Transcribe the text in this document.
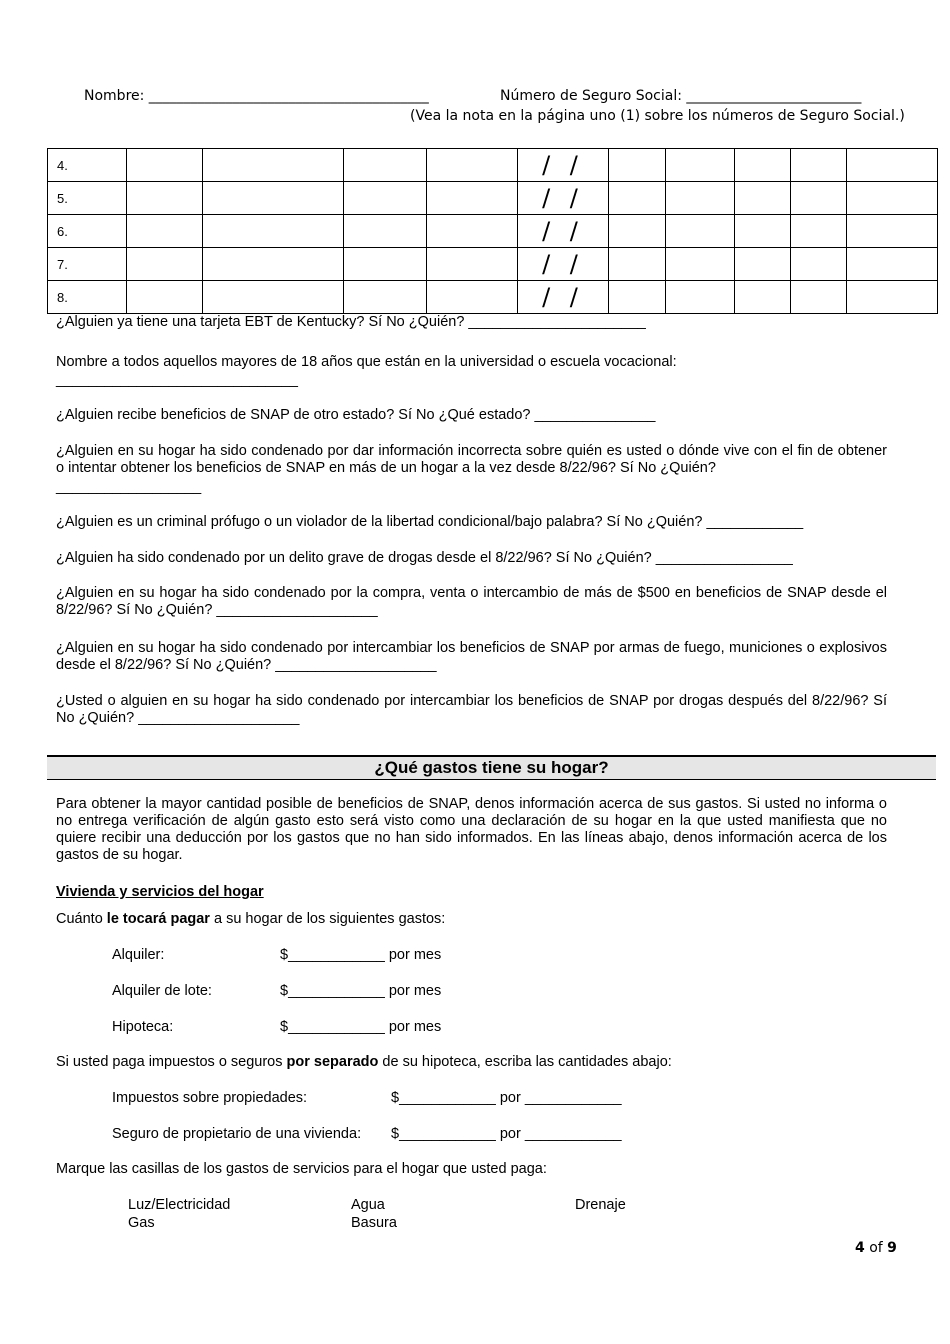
Nombre: ________________________________________	Número de Seguro Social: _________________________
(Vea la nota en la página uno (1) sobre los números de Seguro Social.)
4.					/ /					
5.					/ /					
6.					/ /					
7.					/ /					
8.					/ /					
¿Alguien ya tiene una tarjeta EBT de Kentucky? Sí No ¿Quién? ______________________
Nombre a todos aquellos mayores de 18 años que están en la universidad o escuela vocacional:
______________________________
¿Alguien recibe beneficios de SNAP de otro estado? Sí No ¿Qué estado? _______________
¿Alguien en su hogar ha sido condenado por dar información incorrecta sobre quién es usted o dónde vive con el fin de obtener o intentar obtener los beneficios de SNAP en más de un hogar a la vez desde 8/22/96? Sí No ¿Quién?
__________________
¿Alguien es un criminal prófugo o un violador de la libertad condicional/bajo palabra? Sí No ¿Quién? ____________
¿Alguien ha sido condenado por un delito grave de drogas desde el 8/22/96? Sí No ¿Quién? _________________
¿Alguien en su hogar ha sido condenado por la compra, venta o intercambio de más de $500 en beneficios de SNAP desde el 8/22/96? Sí No ¿Quién? ____________________
¿Alguien en su hogar ha sido condenado por intercambiar los beneficios de SNAP por armas de fuego, municiones o explosivos desde el 8/22/96? Sí No ¿Quién? ____________________
¿Usted o alguien en su hogar ha sido condenado por intercambiar los beneficios de SNAP por drogas después del 8/22/96? Sí No ¿Quién? ____________________
¿Qué gastos tiene su hogar?
Para obtener la mayor cantidad posible de beneficios de SNAP, denos información acerca de sus gastos. Si usted no informa o no entrega verificación de algún gasto esto será visto como una declaración de su hogar en la que usted manifiesta que no quiere recibir una deducción por los gastos que no han sido informados. En las líneas abajo, denos información acerca de los gastos de su hogar.
Vivienda y servicios del hogar
Cuánto le tocará pagar a su hogar de los siguientes gastos:
Alquiler:	$____________ por mes
Alquiler de lote:	$____________ por mes
Hipoteca:	$____________ por mes
Si usted paga impuestos o seguros por separado de su hipoteca, escriba las cantidades abajo:
Impuestos sobre propiedades:	$____________ por ____________
Seguro de propietario de una vivienda: $____________ por ____________
Marque las casillas de los gastos de servicios para el hogar que usted paga:
Luz/Electricidad	Agua	Drenaje
Gas	Basura
4 of 9
